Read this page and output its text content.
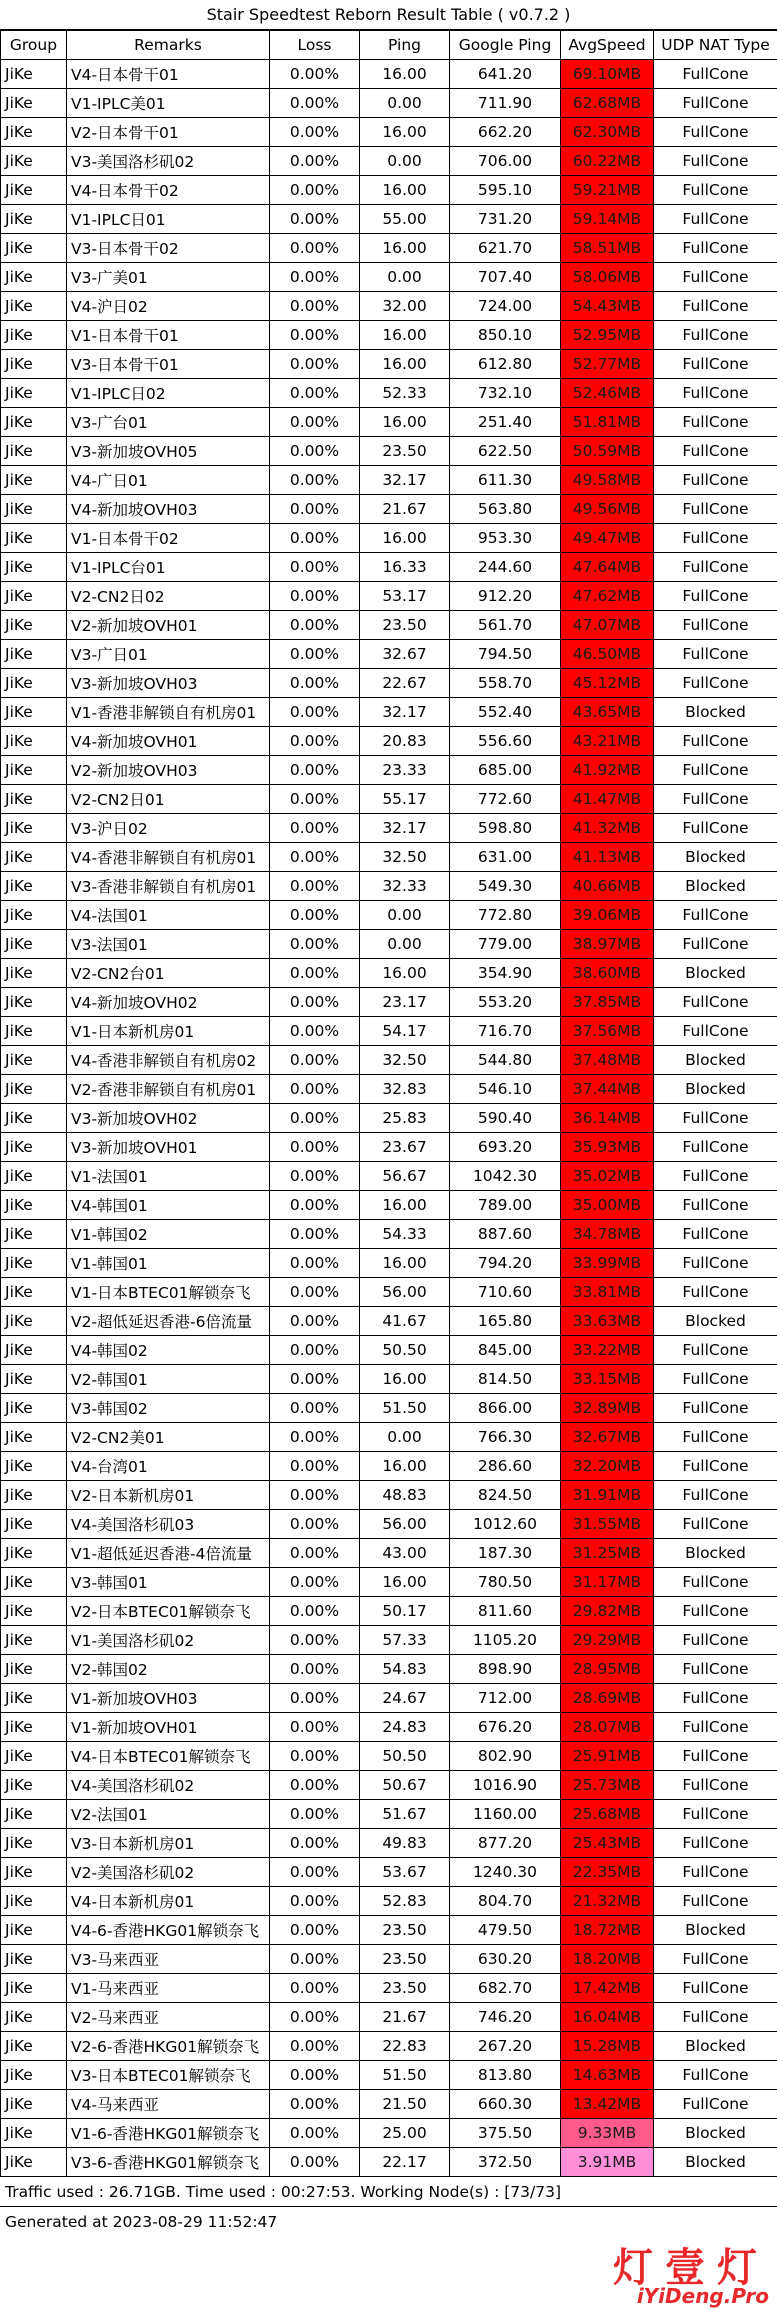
Stair Speedtest Reborn Result Table ( v0.7.2 )
Group	Remarks	Loss	Ping	Google Ping	AvgSpeed	UDP NAT Type
JiKe	V4-日本骨干01	0.00%	16.00	641.20	69.10MB	FullCone
JiKe	V1-IPLC美01	0.00%	0.00	711.90	62.68MB	FullCone
JiKe	V2-日本骨干01	0.00%	16.00	662.20	62.30MB	FullCone
JiKe	V3-美国洛杉矶02	0.00%	0.00	706.00	60.22MB	FullCone
JiKe	V4-日本骨干02	0.00%	16.00	595.10	59.21MB	FullCone
JiKe	V1-IPLC日01	0.00%	55.00	731.20	59.14MB	FullCone
JiKe	V3-日本骨干02	0.00%	16.00	621.70	58.51MB	FullCone
JiKe	V3-广美01	0.00%	0.00	707.40	58.06MB	FullCone
JiKe	V4-沪日02	0.00%	32.00	724.00	54.43MB	FullCone
JiKe	V1-日本骨干01	0.00%	16.00	850.10	52.95MB	FullCone
JiKe	V3-日本骨干01	0.00%	16.00	612.80	52.77MB	FullCone
JiKe	V1-IPLC日02	0.00%	52.33	732.10	52.46MB	FullCone
JiKe	V3-广台01	0.00%	16.00	251.40	51.81MB	FullCone
JiKe	V3-新加坡OVH05	0.00%	23.50	622.50	50.59MB	FullCone
JiKe	V4-广日01	0.00%	32.17	611.30	49.58MB	FullCone
JiKe	V4-新加坡OVH03	0.00%	21.67	563.80	49.56MB	FullCone
JiKe	V1-日本骨干02	0.00%	16.00	953.30	49.47MB	FullCone
JiKe	V1-IPLC台01	0.00%	16.33	244.60	47.64MB	FullCone
JiKe	V2-CN2日02	0.00%	53.17	912.20	47.62MB	FullCone
JiKe	V2-新加坡OVH01	0.00%	23.50	561.70	47.07MB	FullCone
JiKe	V3-广日01	0.00%	32.67	794.50	46.50MB	FullCone
JiKe	V3-新加坡OVH03	0.00%	22.67	558.70	45.12MB	FullCone
JiKe	V1-香港非解锁自有机房01	0.00%	32.17	552.40	43.65MB	Blocked
JiKe	V4-新加坡OVH01	0.00%	20.83	556.60	43.21MB	FullCone
JiKe	V2-新加坡OVH03	0.00%	23.33	685.00	41.92MB	FullCone
JiKe	V2-CN2日01	0.00%	55.17	772.60	41.47MB	FullCone
JiKe	V3-沪日02	0.00%	32.17	598.80	41.32MB	FullCone
JiKe	V4-香港非解锁自有机房01	0.00%	32.50	631.00	41.13MB	Blocked
JiKe	V3-香港非解锁自有机房01	0.00%	32.33	549.30	40.66MB	Blocked
JiKe	V4-法国01	0.00%	0.00	772.80	39.06MB	FullCone
JiKe	V3-法国01	0.00%	0.00	779.00	38.97MB	FullCone
JiKe	V2-CN2台01	0.00%	16.00	354.90	38.60MB	Blocked
JiKe	V4-新加坡OVH02	0.00%	23.17	553.20	37.85MB	FullCone
JiKe	V1-日本新机房01	0.00%	54.17	716.70	37.56MB	FullCone
JiKe	V4-香港非解锁自有机房02	0.00%	32.50	544.80	37.48MB	Blocked
JiKe	V2-香港非解锁自有机房01	0.00%	32.83	546.10	37.44MB	Blocked
JiKe	V3-新加坡OVH02	0.00%	25.83	590.40	36.14MB	FullCone
JiKe	V3-新加坡OVH01	0.00%	23.67	693.20	35.93MB	FullCone
JiKe	V1-法国01	0.00%	56.67	1042.30	35.02MB	FullCone
JiKe	V4-韩国01	0.00%	16.00	789.00	35.00MB	FullCone
JiKe	V1-韩国02	0.00%	54.33	887.60	34.78MB	FullCone
JiKe	V1-韩国01	0.00%	16.00	794.20	33.99MB	FullCone
JiKe	V1-日本BTEC01解锁奈飞	0.00%	56.00	710.60	33.81MB	FullCone
JiKe	V2-超低延迟香港-6倍流量	0.00%	41.67	165.80	33.63MB	Blocked
JiKe	V4-韩国02	0.00%	50.50	845.00	33.22MB	FullCone
JiKe	V2-韩国01	0.00%	16.00	814.50	33.15MB	FullCone
JiKe	V3-韩国02	0.00%	51.50	866.00	32.89MB	FullCone
JiKe	V2-CN2美01	0.00%	0.00	766.30	32.67MB	FullCone
JiKe	V4-台湾01	0.00%	16.00	286.60	32.20MB	FullCone
JiKe	V2-日本新机房01	0.00%	48.83	824.50	31.91MB	FullCone
JiKe	V4-美国洛杉矶03	0.00%	56.00	1012.60	31.55MB	FullCone
JiKe	V1-超低延迟香港-4倍流量	0.00%	43.00	187.30	31.25MB	Blocked
JiKe	V3-韩国01	0.00%	16.00	780.50	31.17MB	FullCone
JiKe	V2-日本BTEC01解锁奈飞	0.00%	50.17	811.60	29.82MB	FullCone
JiKe	V1-美国洛杉矶02	0.00%	57.33	1105.20	29.29MB	FullCone
JiKe	V2-韩国02	0.00%	54.83	898.90	28.95MB	FullCone
JiKe	V1-新加坡OVH03	0.00%	24.67	712.00	28.69MB	FullCone
JiKe	V1-新加坡OVH01	0.00%	24.83	676.20	28.07MB	FullCone
JiKe	V4-日本BTEC01解锁奈飞	0.00%	50.50	802.90	25.91MB	FullCone
JiKe	V4-美国洛杉矶02	0.00%	50.67	1016.90	25.73MB	FullCone
JiKe	V2-法国01	0.00%	51.67	1160.00	25.68MB	FullCone
JiKe	V3-日本新机房01	0.00%	49.83	877.20	25.43MB	FullCone
JiKe	V2-美国洛杉矶02	0.00%	53.67	1240.30	22.35MB	FullCone
JiKe	V4-日本新机房01	0.00%	52.83	804.70	21.32MB	FullCone
JiKe	V4-6-香港HKG01解锁奈飞	0.00%	23.50	479.50	18.72MB	Blocked
JiKe	V3-马来西亚	0.00%	23.50	630.20	18.20MB	FullCone
JiKe	V1-马来西亚	0.00%	23.50	682.70	17.42MB	FullCone
JiKe	V2-马来西亚	0.00%	21.67	746.20	16.04MB	FullCone
JiKe	V2-6-香港HKG01解锁奈飞	0.00%	22.83	267.20	15.28MB	Blocked
JiKe	V3-日本BTEC01解锁奈飞	0.00%	51.50	813.80	14.63MB	FullCone
JiKe	V4-马来西亚	0.00%	21.50	660.30	13.42MB	FullCone
JiKe	V1-6-香港HKG01解锁奈飞	0.00%	25.00	375.50	9.33MB	Blocked
JiKe	V3-6-香港HKG01解锁奈飞	0.00%	22.17	372.50	3.91MB	Blocked
Traffic used : 26.71GB. Time used : 00:27:53. Working Node(s) : [73/73]
Generated at 2023-08-29 11:52:47
灯壹灯
iYiDeng.Pro
